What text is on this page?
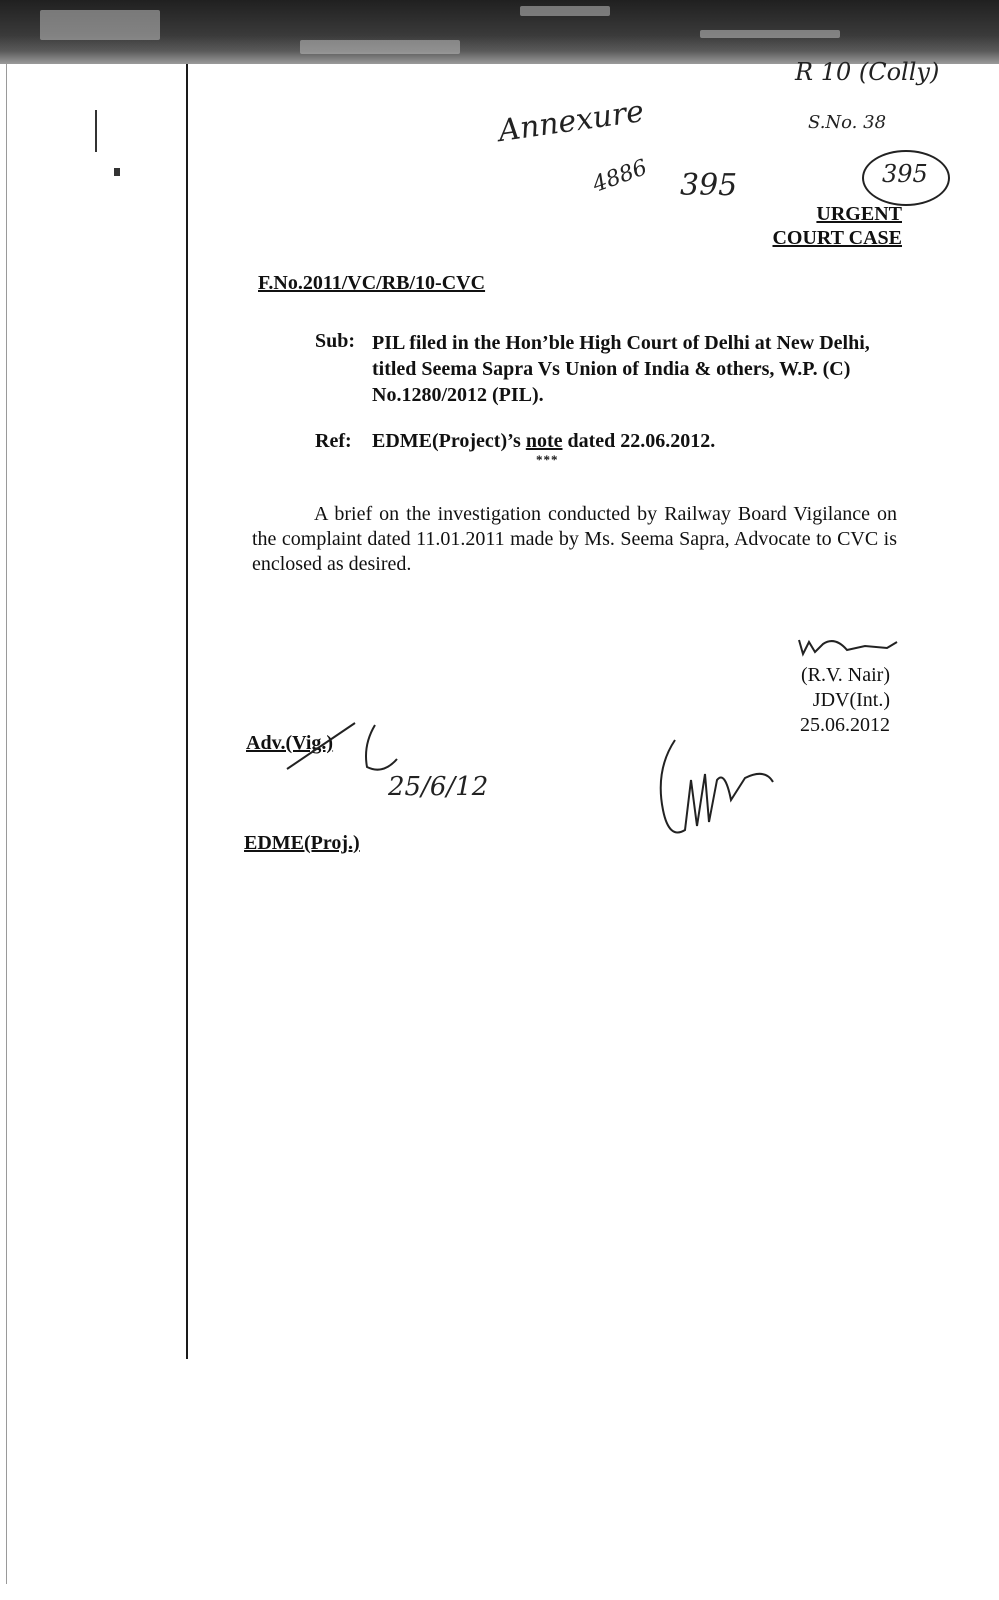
Annexure
R 10 (Colly)
S.No. 38
395
4886 395
URGENT
COURT CASE
F.No.2011/VC/RB/10-CVC
Sub: PIL filed in the Hon’ble High Court of Delhi at New Delhi, titled Seema Sapra Vs Union of India & others, W.P. (C) No.1280/2012 (PIL).
Ref: EDME(Project)’s note dated 22.06.2012.
***
A brief on the investigation conducted by Railway Board Vigilance on the complaint dated 11.01.2011 made by Ms. Seema Sapra, Advocate to CVC is enclosed as desired.
(R.V. Nair)
JDV(Int.)
25.06.2012
Adv.(Vig.)
25/6/12
EDME(Proj.)
